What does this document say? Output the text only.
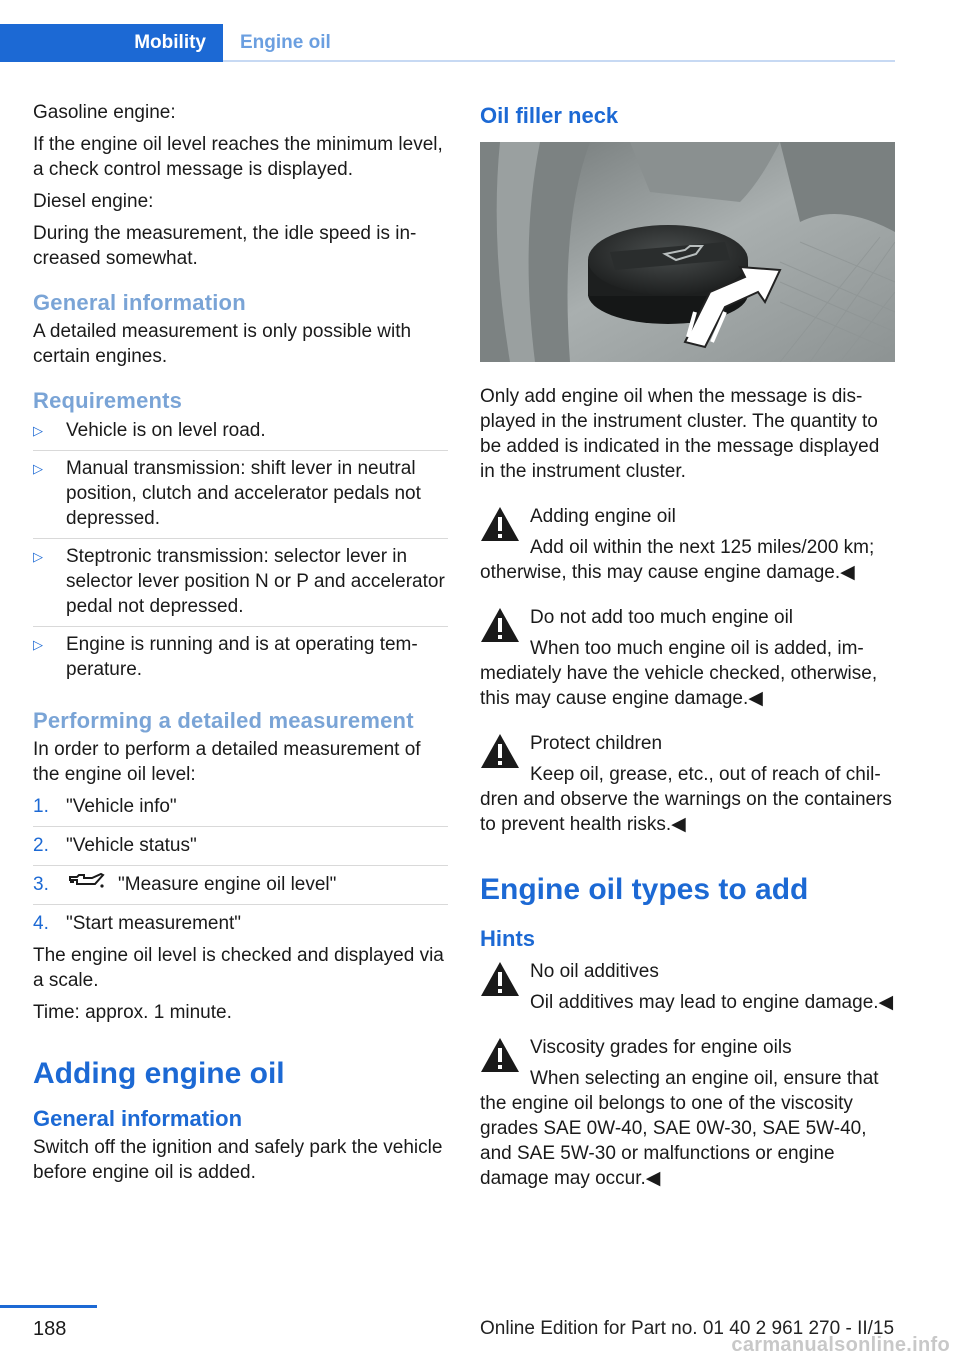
Mobility	Engine oil

Gasoline engine:

If the engine oil level reaches the minimum level, a check control message is displayed.

Diesel engine:

During the measurement, the idle speed is increased somewhat.

General information

A detailed measurement is only possible with certain engines.

Requirements
▷ Vehicle is on level road.
▷ Manual transmission: shift lever in neutral position, clutch and accelerator pedals not depressed.
▷ Steptronic transmission: selector lever in selector lever position N or P and accelerator pedal not depressed.
▷ Engine is running and is at operating temperature.
Performing a detailed measurement

In order to perform a detailed measurement of the engine oil level:

1. "Vehicle info"
2. "Vehicle status"
3.	"Measure engine oil level"
4. "Start measurement"

The engine oil level is checked and displayed via a scale.

Time: approx. 1 minute.

Adding engine oil
General information

Switch off the ignition and safely park the vehicle before engine oil is added.

Oil filler neck

Only add engine oil when the message is displayed in the instrument cluster. The quantity to be added is indicated in the message displayed in the instrument cluster.

Adding engine oil
Add oil within the next 125 miles/200 km; otherwise, this may cause engine damage.◀
Do not add too much engine oil
When too much engine oil is added, immediately have the vehicle checked, otherwise, this may cause engine damage.◀
Protect children
Keep oil, grease, etc., out of reach of children and observe the warnings on the containers to prevent health risks.◀
Engine oil types to add
Hints
No oil additives
Oil additives may lead to engine damage.◀
Viscosity grades for engine oils
When selecting an engine oil, ensure that the engine oil belongs to one of the viscosity grades SAE 0W-40, SAE 0W-30, SAE 5W-40, and SAE 5W-30 or malfunctions or engine damage may occur.◀
188	Online Edition for Part no. 01 40 2 961 270 - II/15
carmanualsonline.info
